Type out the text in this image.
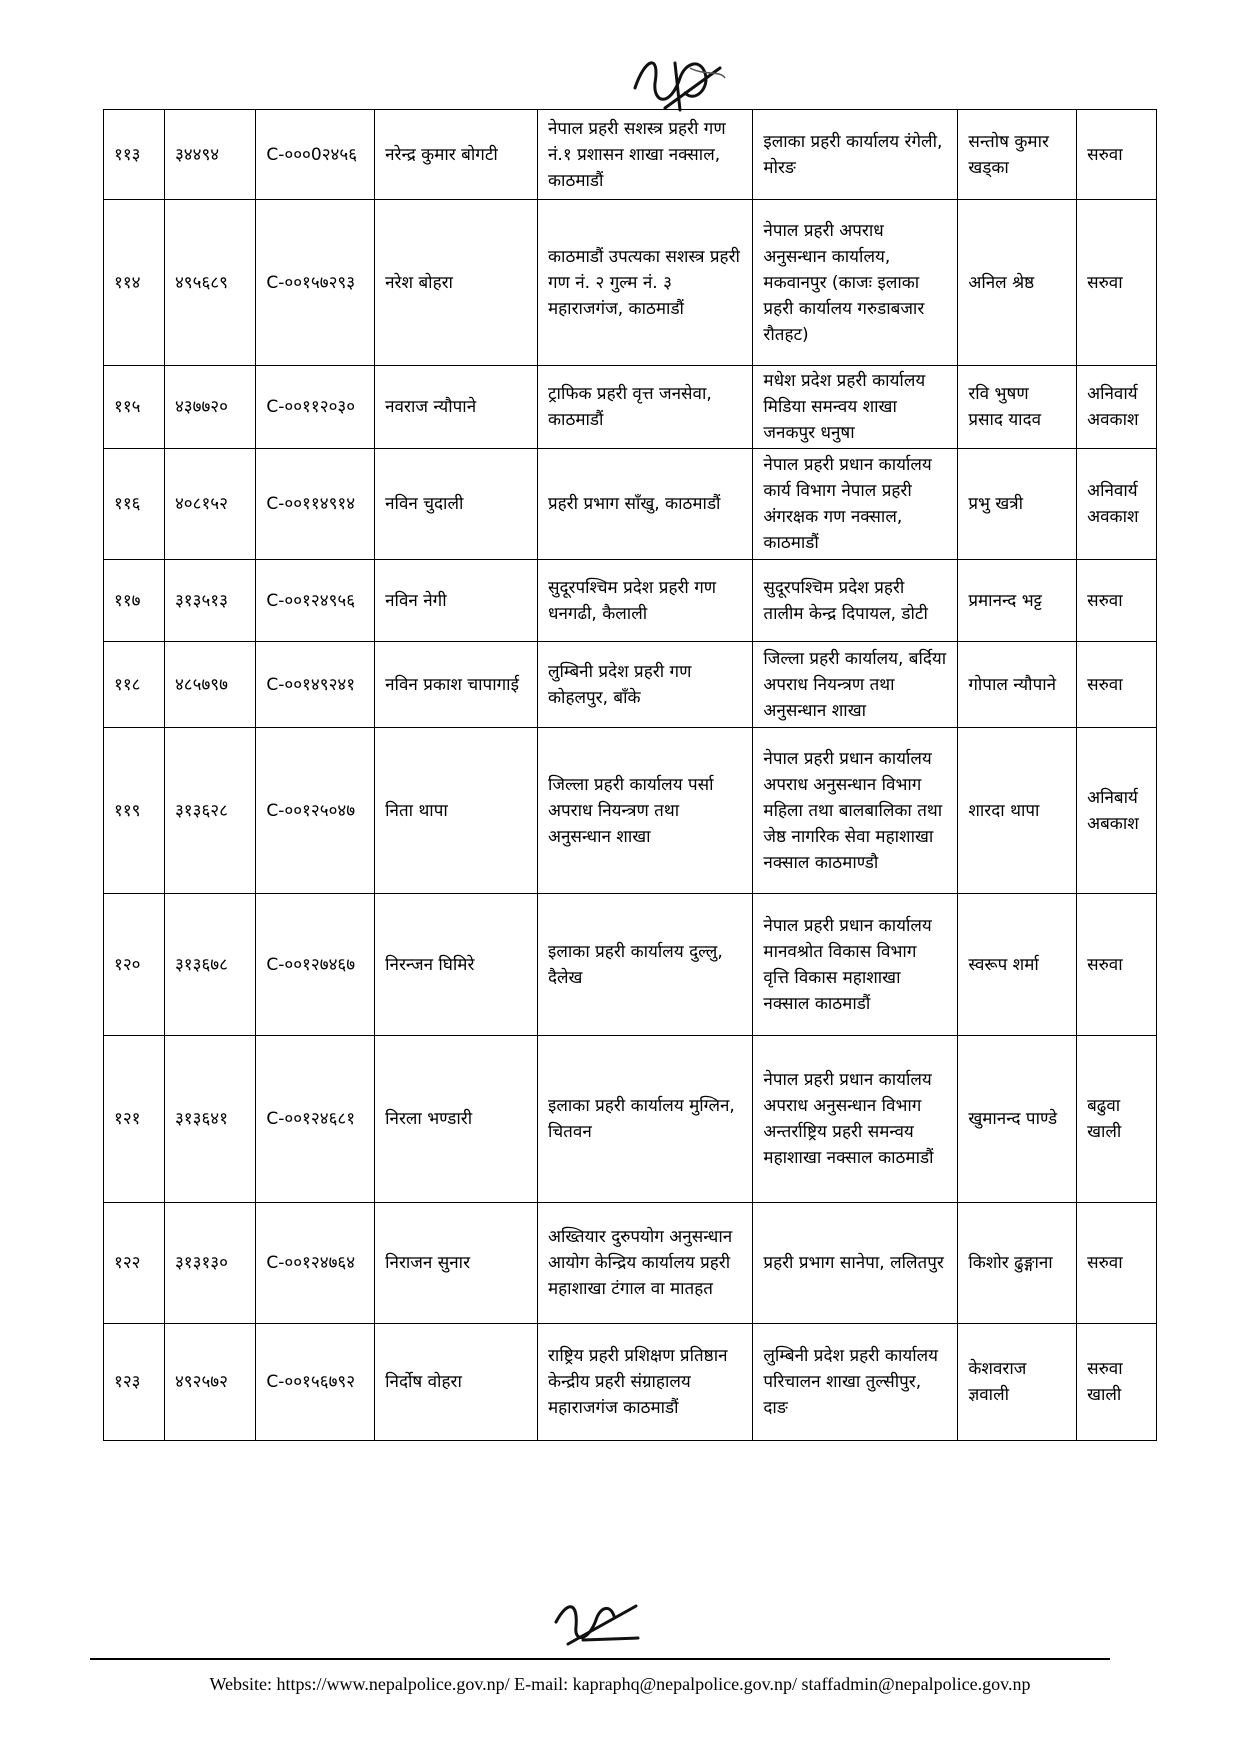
११३	३४४९४	C-०००0२४५६	नरेन्द्र कुमार बोगटी	नेपाल प्रहरी सशस्त्र प्रहरी गण नं.१ प्रशासन शाखा नक्साल, काठमाडौं	इलाका प्रहरी कार्यालय रंगेली, मोरङ	सन्तोष कुमार खड्का	सरुवा
११४	४९५६८९	C-००१५७२९३	नरेश बोहरा	काठमाडौं उपत्यका सशस्त्र प्रहरी गण नं. २ गुल्म नं. ३ महाराजगंज, काठमाडौं	नेपाल प्रहरी अपराध अनुसन्धान कार्यालय, मकवानपुर (काजः इलाका प्रहरी कार्यालय गरुडाबजार रौतहट)	अनिल श्रेष्ठ	सरुवा
११५	४३७७२०	C-००११२०३०	नवराज न्यौपाने	ट्राफिक प्रहरी वृत्त जनसेवा, काठमाडौं	मधेश प्रदेश प्रहरी कार्यालय मिडिया समन्वय शाखा जनकपुर धनुषा	रवि भुषण प्रसाद यादव	अनिवार्य अवकाश
११६	४०८१५२	C-००११४९१४	नविन चुदाली	प्रहरी प्रभाग साँखु, काठमाडौं	नेपाल प्रहरी प्रधान कार्यालय कार्य विभाग नेपाल प्रहरी अंगरक्षक गण नक्साल, काठमाडौं	प्रभु खत्री	अनिवार्य अवकाश
११७	३१३५१३	C-००१२४९५६	नविन नेगी	सुदूरपश्चिम प्रदेश प्रहरी गण धनगढी, कैलाली	सुदूरपश्चिम प्रदेश प्रहरी तालीम केन्द्र दिपायल, डोटी	प्रमानन्द भट्ट	सरुवा
११८	४८५७९७	C-००१४९२४१	नविन प्रकाश चापागाई	लुम्बिनी प्रदेश प्रहरी गण कोहलपुर, बाँके	जिल्ला प्रहरी कार्यालय, बर्दिया अपराध नियन्त्रण तथा अनुसन्धान शाखा	गोपाल न्यौपाने	सरुवा
११९	३१३६२८	C-००१२५०४७	निता थापा	जिल्ला प्रहरी कार्यालय पर्सा अपराध नियन्त्रण तथा अनुसन्धान शाखा	नेपाल प्रहरी प्रधान कार्यालय अपराध अनुसन्धान विभाग महिला तथा बालबालिका तथा जेष्ठ नागरिक सेवा महाशाखा नक्साल काठमाण्डौ	शारदा थापा	अनिबार्य अबकाश
१२०	३१३६७८	C-००१२७४६७	निरन्जन घिमिरे	इलाका प्रहरी कार्यालय दुल्लु, दैलेख	नेपाल प्रहरी प्रधान कार्यालय मानवश्रोत विकास विभाग वृत्ति विकास महाशाखा नक्साल काठमाडौं	स्वरूप शर्मा	सरुवा
१२१	३१३६४१	C-००१२४६८१	निरला भण्डारी	इलाका प्रहरी कार्यालय मुग्लिन, चितवन	नेपाल प्रहरी प्रधान कार्यालय अपराध अनुसन्धान विभाग अन्तर्राष्ट्रिय प्रहरी समन्वय महाशाखा नक्साल काठमाडौं	खुमानन्द पाण्डे	बढुवा खाली
१२२	३१३१३०	C-००१२४७६४	निराजन सुनार	अख्तियार दुरुपयोग अनुसन्धान आयोग केन्द्रिय कार्यालय प्रहरी महाशाखा टंगाल वा मातहत	प्रहरी प्रभाग सानेपा, ललितपुर	किशोर ढुङ्गाना	सरुवा
१२३	४९२५७२	C-००१५६७९२	निर्दोष वोहरा	राष्ट्रिय प्रहरी प्रशिक्षण प्रतिष्ठान केन्द्रीय प्रहरी संग्राहालय महाराजगंज काठमाडौं	लुम्बिनी प्रदेश प्रहरी कार्यालय परिचालन शाखा तुल्सीपुर, दाङ	केशवराज ज्ञवाली	सरुवा खाली
Website: https://www.nepalpolice.gov.np/ E-mail: kapraphq@nepalpolice.gov.np/ staffadmin@nepalpolice.gov.np
